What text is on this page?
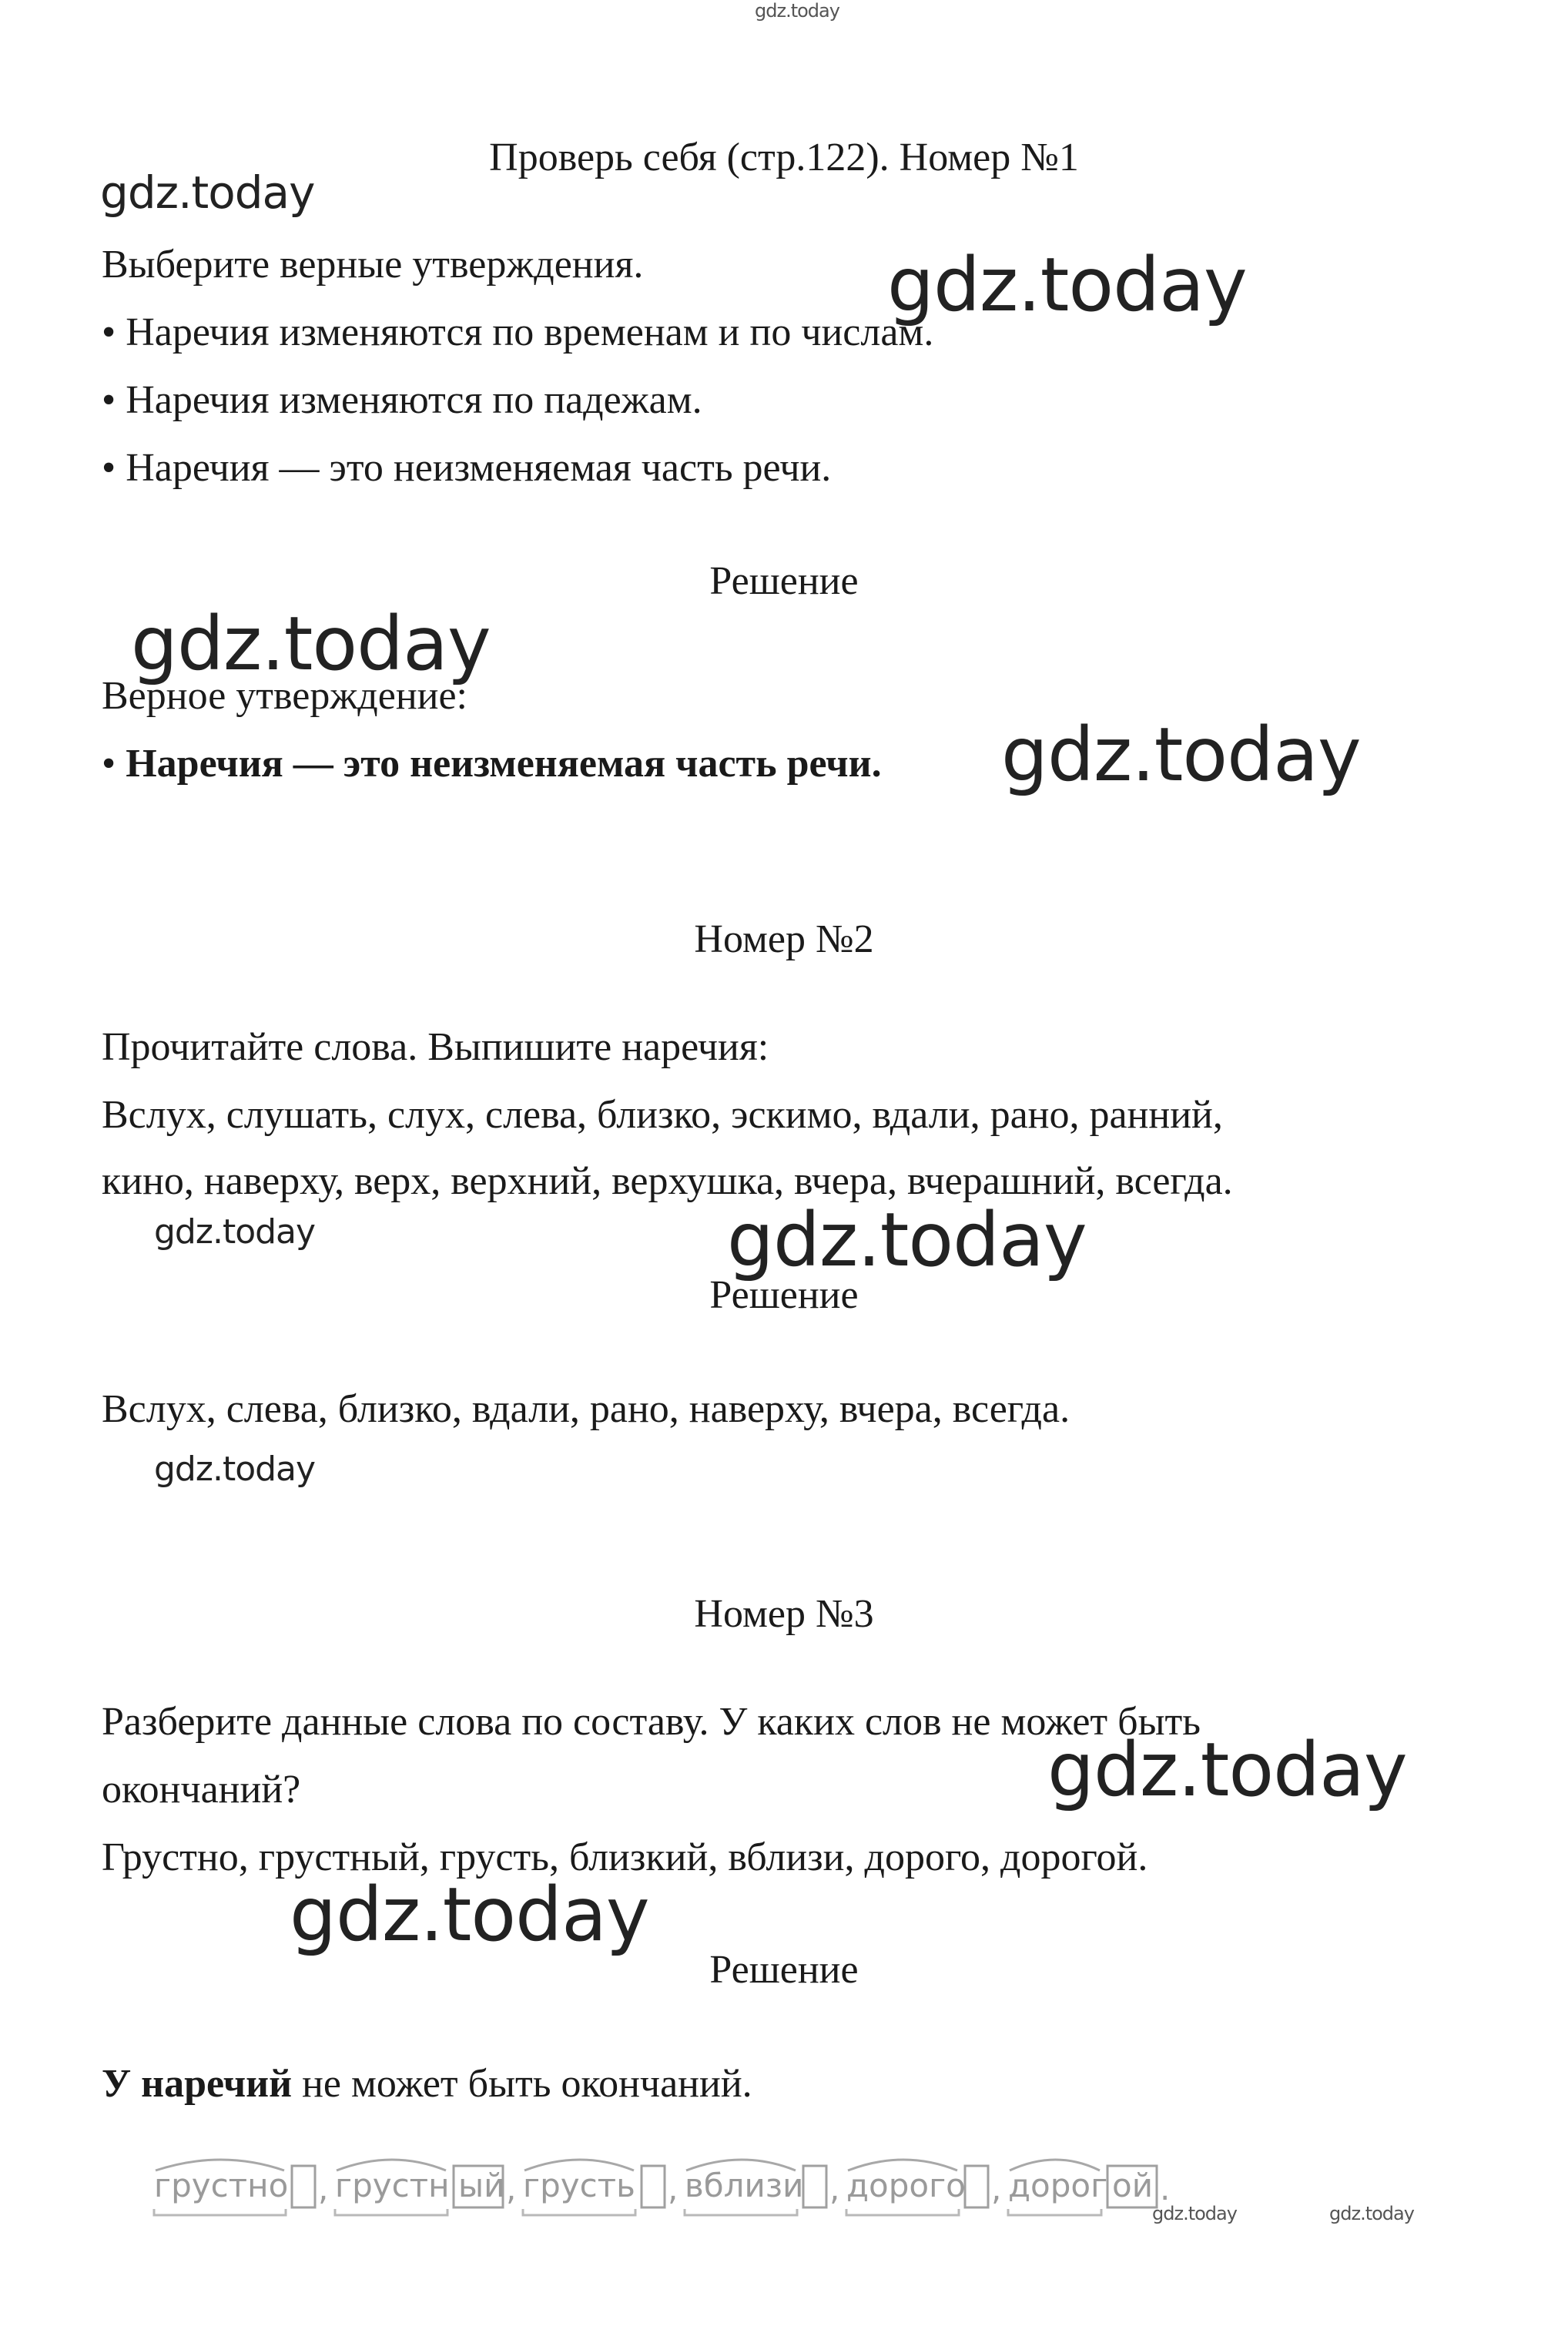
gdz.today
Проверь себя (стр.122). Номер №1
gdz.today
Выберите верные утверждения.	gdz.today
• Наречия изменяются по временам и по числам.
• Наречия изменяются по падежам.
• Наречия — это неизменяемая часть речи.
Решение
gdz.today
Верное утверждение:
• Наречия — это неизменяемая часть речи. gdz.today
Номер №2
Прочитайте слова. Выпишите наречия:
Вслух, слушать, слух, слева, близко, эскимо, вдали, рано, ранний,
кино, наверху, верх, верхний, верхушка, вчера, вчерашний, всегда.
gdz.today	gdz.today
Решение
Вслух, слева, близко, вдали, рано, наверху, вчера, всегда.
gdz.today
Номер №3
Разберите данные слова по составу. У каких слов не может быть
окончаний?	gdz.today
Грустно, грустный, грусть, близкий, вблизи, дорого, дорогой.
gdz.today
Решение
У наречий не может быть окончаний.
грустно , грустн ый , грусть , вблизи , дорого , дорог ой .
gdz.today	gdz.today
